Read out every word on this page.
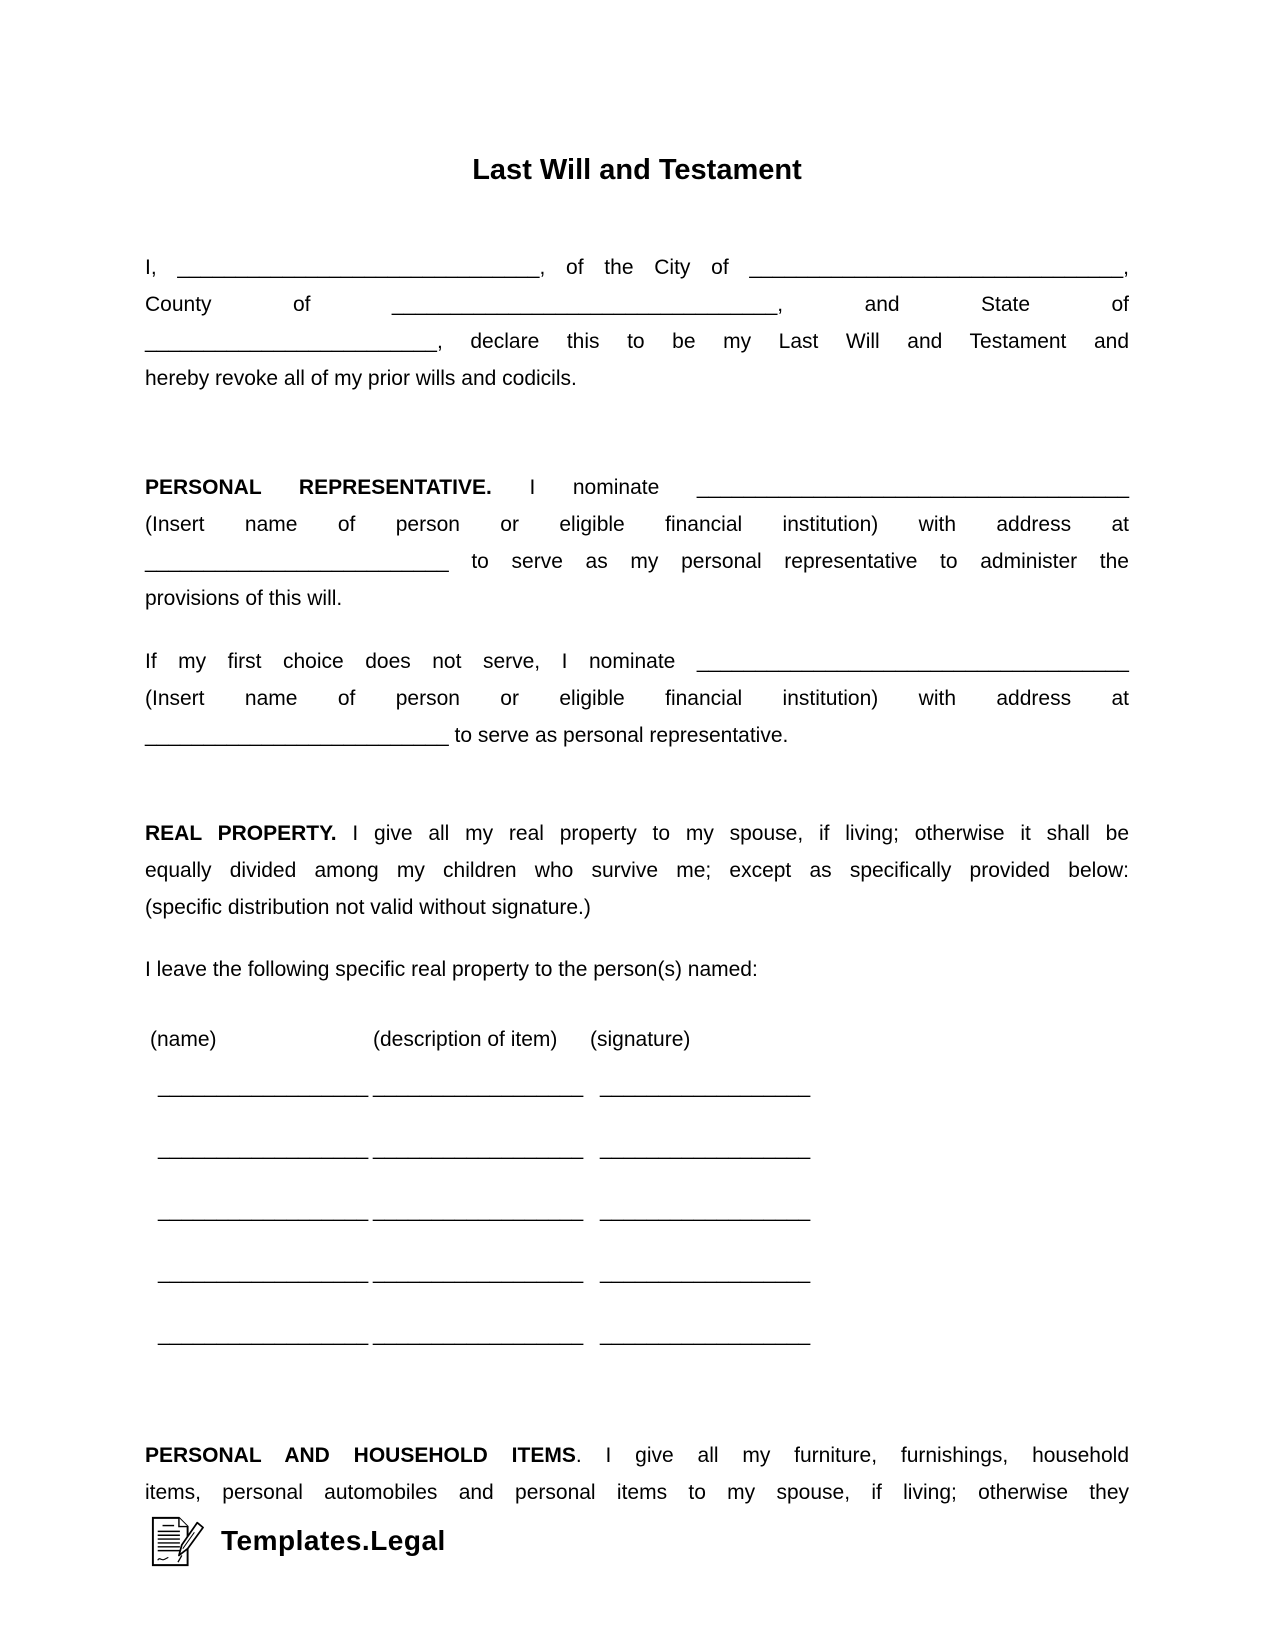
Last Will and Testament
I, _______________________________, of the City of ________________________________,
County of _________________________________, and State of
_________________________, declare this to be my Last Will and Testament and
hereby revoke all of my prior wills and codicils.
PERSONAL REPRESENTATIVE. I nominate _____________________________________
(Insert name of person or eligible financial institution) with address at
__________________________ to serve as my personal representative to administer the
provisions of this will.
If my first choice does not serve, I nominate _____________________________________
(Insert name of person or eligible financial institution) with address at
__________________________ to serve as personal representative.
REAL PROPERTY. I give all my real property to my spouse, if living; otherwise it shall be
equally divided among my children who survive me; except as specifically provided below:
(specific distribution not valid without signature.)
I leave the following specific real property to the person(s) named:
(name)	(description of item) (signature)
__________________ __________________ __________________
__________________ __________________ __________________
__________________ __________________ __________________
__________________ __________________ __________________
__________________ __________________ __________________
PERSONAL AND HOUSEHOLD ITEMS. I give all my furniture, furnishings, household
items, personal automobiles and personal items to my spouse, if living; otherwise they
Templates.Legal
